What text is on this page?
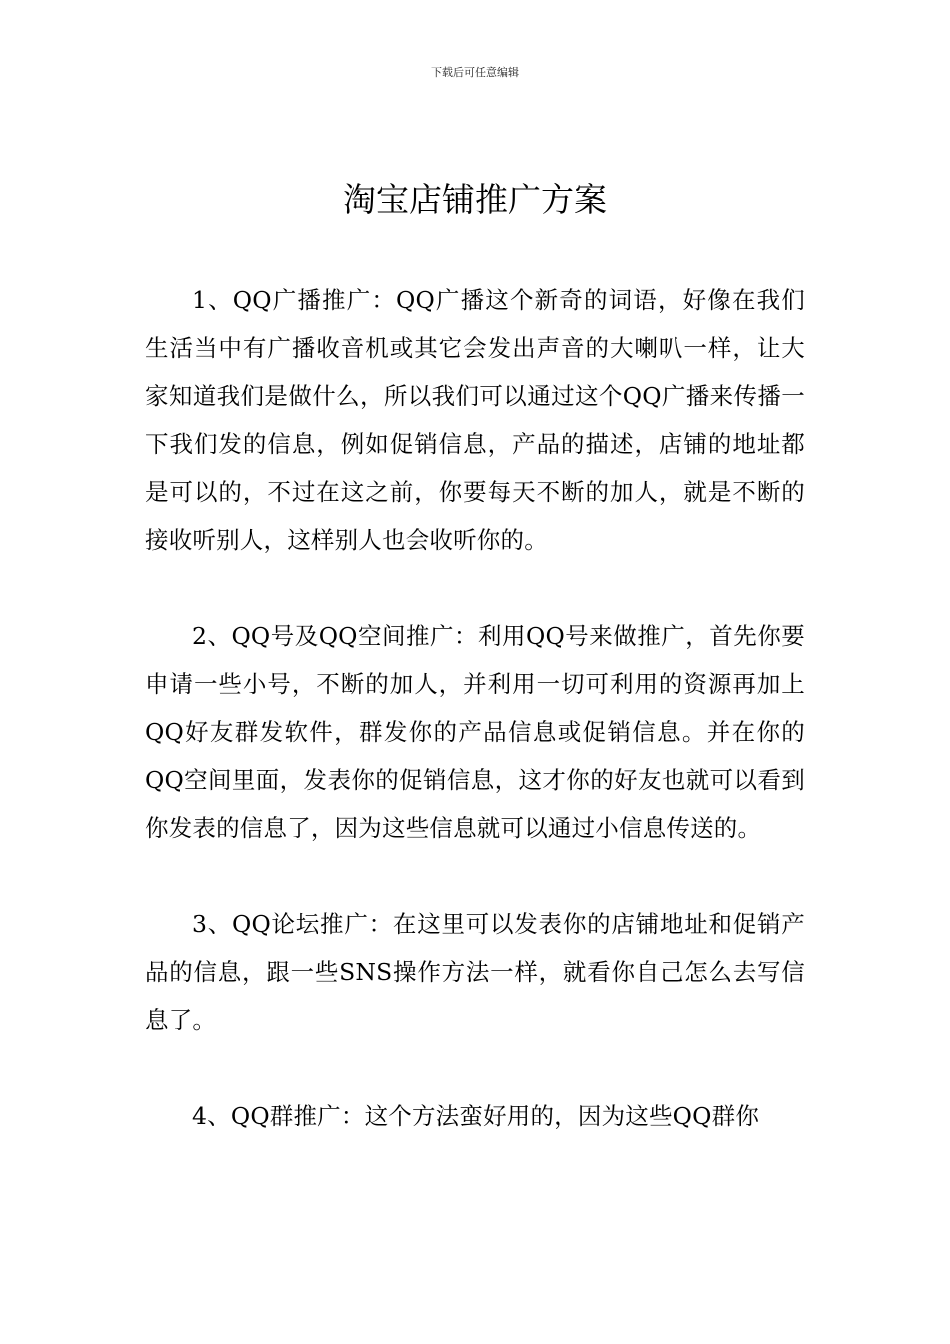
下载后可任意编辑
淘宝店铺推广方案

1、QQ广播推广：QQ广播这个新奇的词语，好像在我们生活当中有广播收音机或其它会发出声音的大喇叭一样，让大家知道我们是做什么，所以我们可以通过这个QQ广播来传播一下我们发的信息，例如促销信息，产品的描述，店铺的地址都是可以的，不过在这之前，你要每天不断的加人，就是不断的接收听别人，这样别人也会收听你的。

2、QQ号及QQ空间推广：利用QQ号来做推广，首先你要申请一些小号，不断的加人，并利用一切可利用的资源再加上QQ好友群发软件，群发你的产品信息或促销信息。并在你的QQ空间里面，发表你的促销信息，这才你的好友也就可以看到你发表的信息了，因为这些信息就可以通过小信息传送的。

3、QQ论坛推广：在这里可以发表你的店铺地址和促销产品的信息，跟一些SNS操作方法一样，就看你自己怎么去写信息了。

4、QQ群推广：这个方法蛮好用的，因为这些QQ群你
